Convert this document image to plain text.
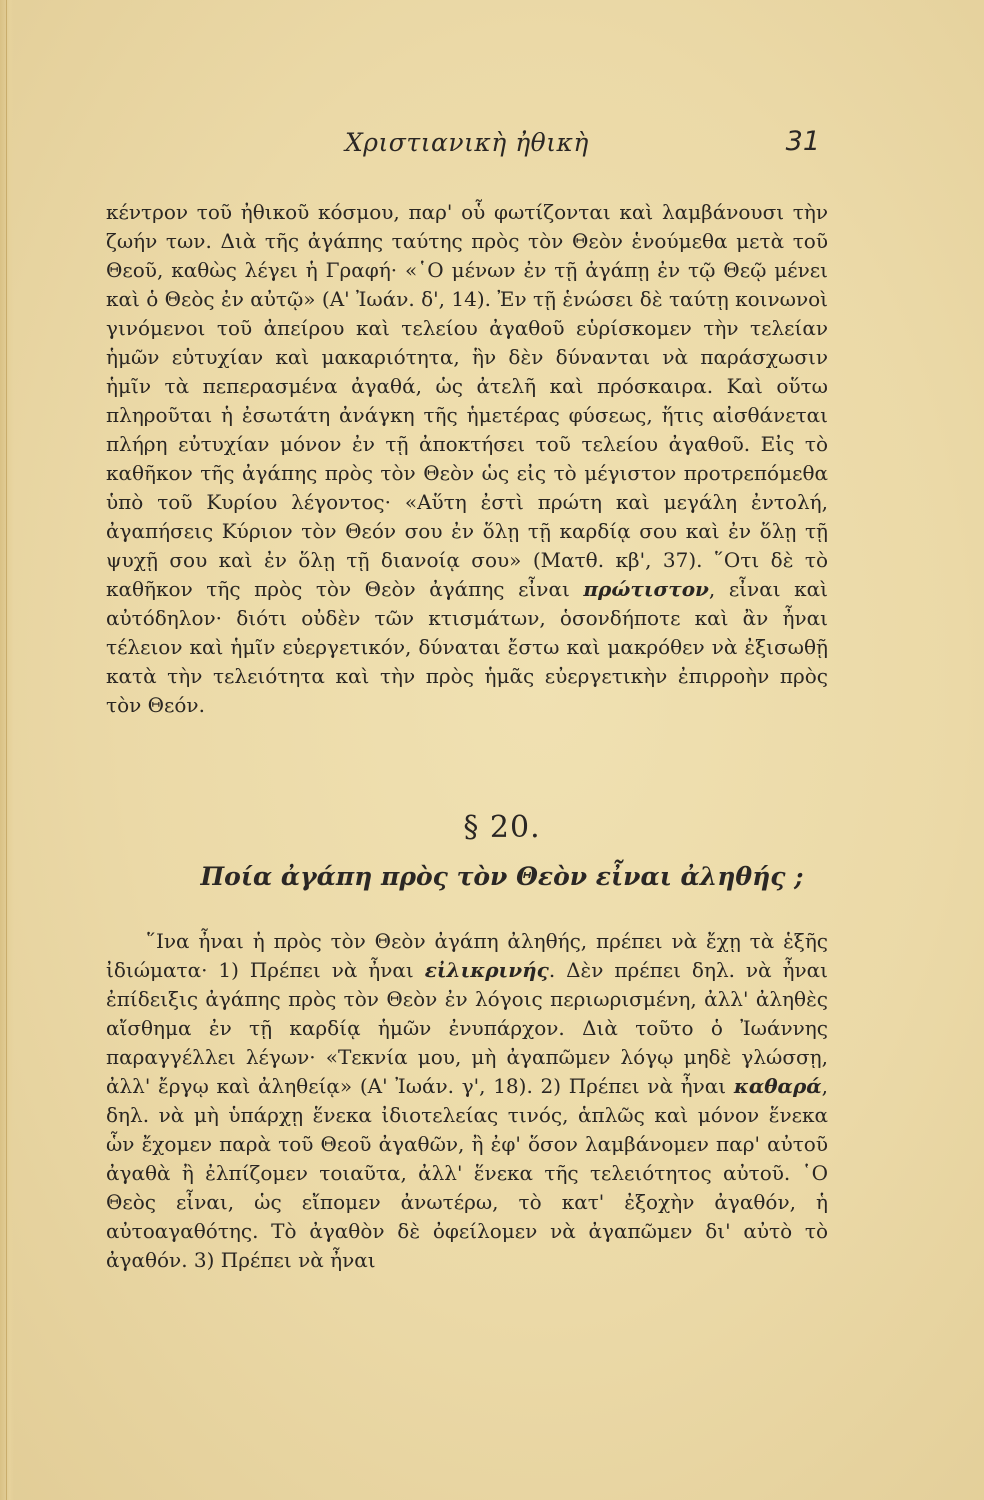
Χριστιανικὴ ἠθικὴ	31

κέντρον τοῦ ἠθικοῦ κόσμου, παρ' οὗ φωτίζονται καὶ λαμβάνουσι τὴν ζωήν των. Διὰ τῆς ἀγάπης ταύτης πρὸς τὸν Θεὸν ἑνούμεθα μετὰ τοῦ Θεοῦ, καθὼς λέγει ἡ Γραφή· «῾Ο μένων ἐν τῇ ἀγάπῃ ἐν τῷ Θεῷ μένει καὶ ὁ Θεὸς ἐν αὐτῷ» (Α' Ἰωάν. δ', 14). Ἐν τῇ ἑνώσει δὲ ταύτῃ κοινωνοὶ γινόμενοι τοῦ ἀπείρου καὶ τελείου ἀγαθοῦ εὑρίσκομεν τὴν τελείαν ἡμῶν εὐτυχίαν καὶ μακαριότητα, ἣν δὲν δύνανται νὰ παράσχωσιν ἡμῖν τὰ πεπερασμένα ἀγαθά, ὡς ἀτελῆ καὶ πρόσκαιρα. Καὶ οὕτω πληροῦται ἡ ἐσωτάτη ἀνάγκη τῆς ἡμετέρας φύσεως, ἥτις αἰσθάνεται πλήρη εὐτυχίαν μόνον ἐν τῇ ἀποκτήσει τοῦ τελείου ἀγαθοῦ. Εἰς τὸ καθῆκον τῆς ἀγάπης πρὸς τὸν Θεὸν ὡς εἰς τὸ μέγιστον προτρεπόμεθα ὑπὸ τοῦ Κυρίου λέγοντος· «Αὕτη ἐστὶ πρώτη καὶ μεγάλη ἐντολή, ἀγαπήσεις Κύριον τὸν Θεόν σου ἐν ὅλῃ τῇ καρδίᾳ σου καὶ ἐν ὅλῃ τῇ ψυχῇ σου καὶ ἐν ὅλῃ τῇ διανοίᾳ σου» (Ματθ. κβ', 37). ῞Οτι δὲ τὸ καθῆκον τῆς πρὸς τὸν Θεὸν ἀγάπης εἶναι πρώτιστον, εἶναι καὶ αὐτόδηλον· διότι οὐδὲν τῶν κτισμάτων, ὁσονδήποτε καὶ ἂν ἦναι τέλειον καὶ ἡμῖν εὐεργετικόν, δύναται ἔστω καὶ μακρόθεν νὰ ἐξισωθῇ κατὰ τὴν τελειότητα καὶ τὴν πρὸς ἡμᾶς εὐεργετικὴν ἐπιρροὴν πρὸς τὸν Θεόν.

§ 20.
Ποία ἀγάπη πρὸς τὸν Θεὸν εἶναι ἀληθής ;

῞Ινα ἦναι ἡ πρὸς τὸν Θεὸν ἀγάπη ἀληθής, πρέπει νὰ ἔχῃ τὰ ἑξῆς ἰδιώματα· 1) Πρέπει νὰ ἦναι εἰλικρινής. Δὲν πρέπει δηλ. νὰ ἦναι ἐπίδειξις ἀγάπης πρὸς τὸν Θεὸν ἐν λόγοις περιωρισμένη, ἀλλ' ἀληθὲς αἴσθημα ἐν τῇ καρδίᾳ ἡμῶν ἐνυπάρχον. Διὰ τοῦτο ὁ Ἰωάννης παραγγέλλει λέγων· «Τεκνία μου, μὴ ἀγαπῶμεν λόγῳ μηδὲ γλώσσῃ, ἀλλ' ἔργῳ καὶ ἀληθείᾳ» (Α' Ἰωάν. γ', 18). 2) Πρέπει νὰ ἦναι καθαρά, δηλ. νὰ μὴ ὑπάρχῃ ἕνεκα ἰδιοτελείας τινός, ἁπλῶς καὶ μόνον ἕνεκα ὧν ἔχομεν παρὰ τοῦ Θεοῦ ἀγαθῶν, ἢ ἐφ' ὅσον λαμβάνομεν παρ' αὐτοῦ ἀγαθὰ ἢ ἐλπίζομεν τοιαῦτα, ἀλλ' ἕνεκα τῆς τελειότητος αὐτοῦ. ῾Ο Θεὸς εἶναι, ὡς εἴπομεν ἀνωτέρω, τὸ κατ' ἐξοχὴν ἀγαθόν, ἡ αὐτοαγαθότης. Τὸ ἀγαθὸν δὲ ὀφείλομεν νὰ ἀγαπῶμεν δι' αὐτὸ τὸ ἀγαθόν. 3) Πρέπει νὰ ἦναι
